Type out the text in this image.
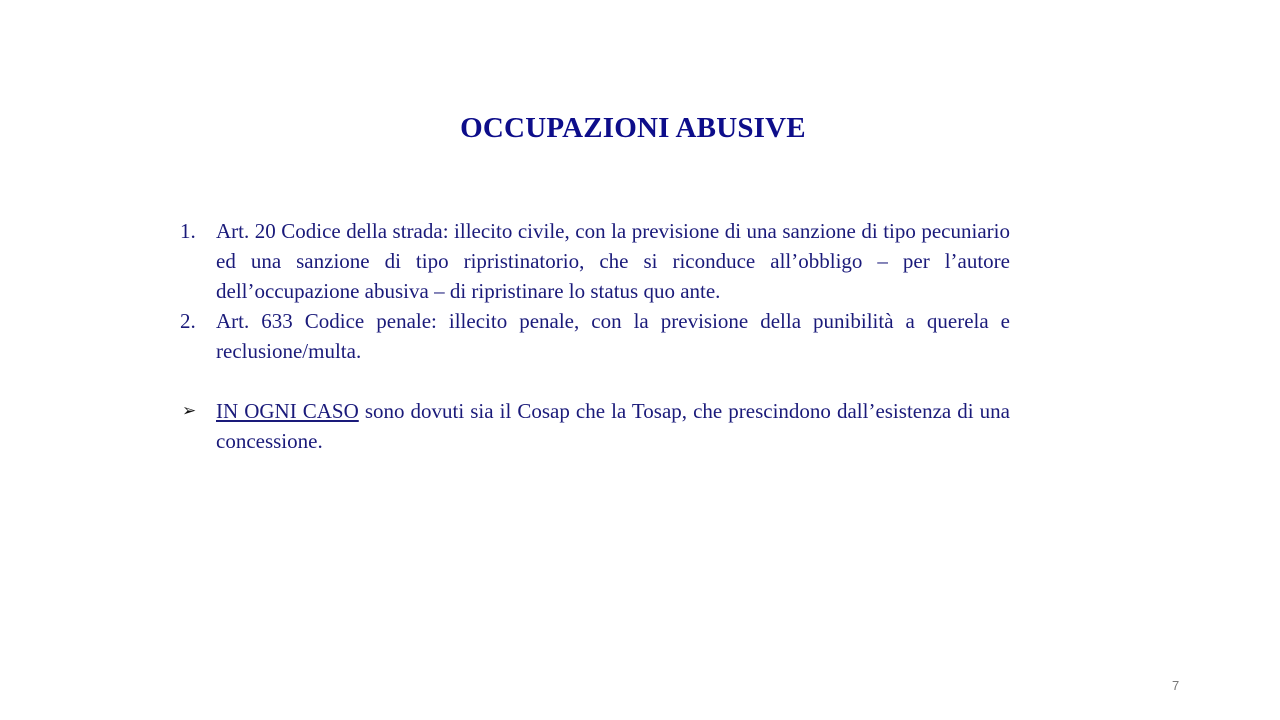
OCCUPAZIONI ABUSIVE
1. Art. 20 Codice della strada: illecito civile, con la previsione di una sanzione di tipo pecuniario ed una sanzione di tipo ripristinatorio, che si riconduce all’obbligo – per l’autore dell’occupazione abusiva – di ripristinare lo status quo ante.
2. Art. 633 Codice penale: illecito penale, con la previsione della punibilità a querela e reclusione/multa.
➢ IN OGNI CASO sono dovuti sia il Cosap che la Tosap, che prescindono dall’esistenza di una concessione.
7
